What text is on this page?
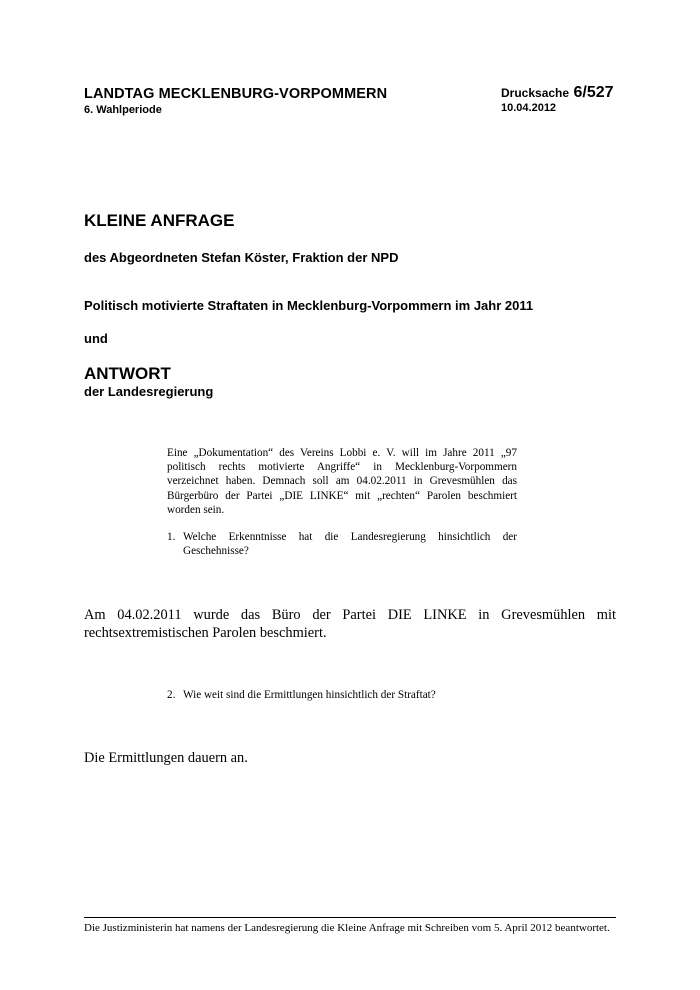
LANDTAG MECKLENBURG-VORPOMMERN
6. Wahlperiode
Drucksache 6/527
10.04.2012
KLEINE ANFRAGE
des Abgeordneten Stefan Köster, Fraktion der NPD
Politisch motivierte Straftaten in Mecklenburg-Vorpommern im Jahr 2011
und
ANTWORT
der Landesregierung
Eine „Dokumentation“ des Vereins Lobbi e. V. will im Jahre 2011 „97 politisch rechts motivierte Angriffe“ in Mecklenburg-Vorpommern verzeichnet haben. Demnach soll am 04.02.2011 in Grevesmühlen das Bürgerbüro der Partei „DIE LINKE“ mit „rechten“ Parolen beschmiert worden sein.
1. Welche Erkenntnisse hat die Landesregierung hinsichtlich der Geschehnisse?
Am 04.02.2011 wurde das Büro der Partei DIE LINKE in Grevesmühlen mit rechtsextremistischen Parolen beschmiert.
2. Wie weit sind die Ermittlungen hinsichtlich der Straftat?
Die Ermittlungen dauern an.
Die Justizministerin hat namens der Landesregierung die Kleine Anfrage mit Schreiben vom 5. April 2012 beantwortet.
